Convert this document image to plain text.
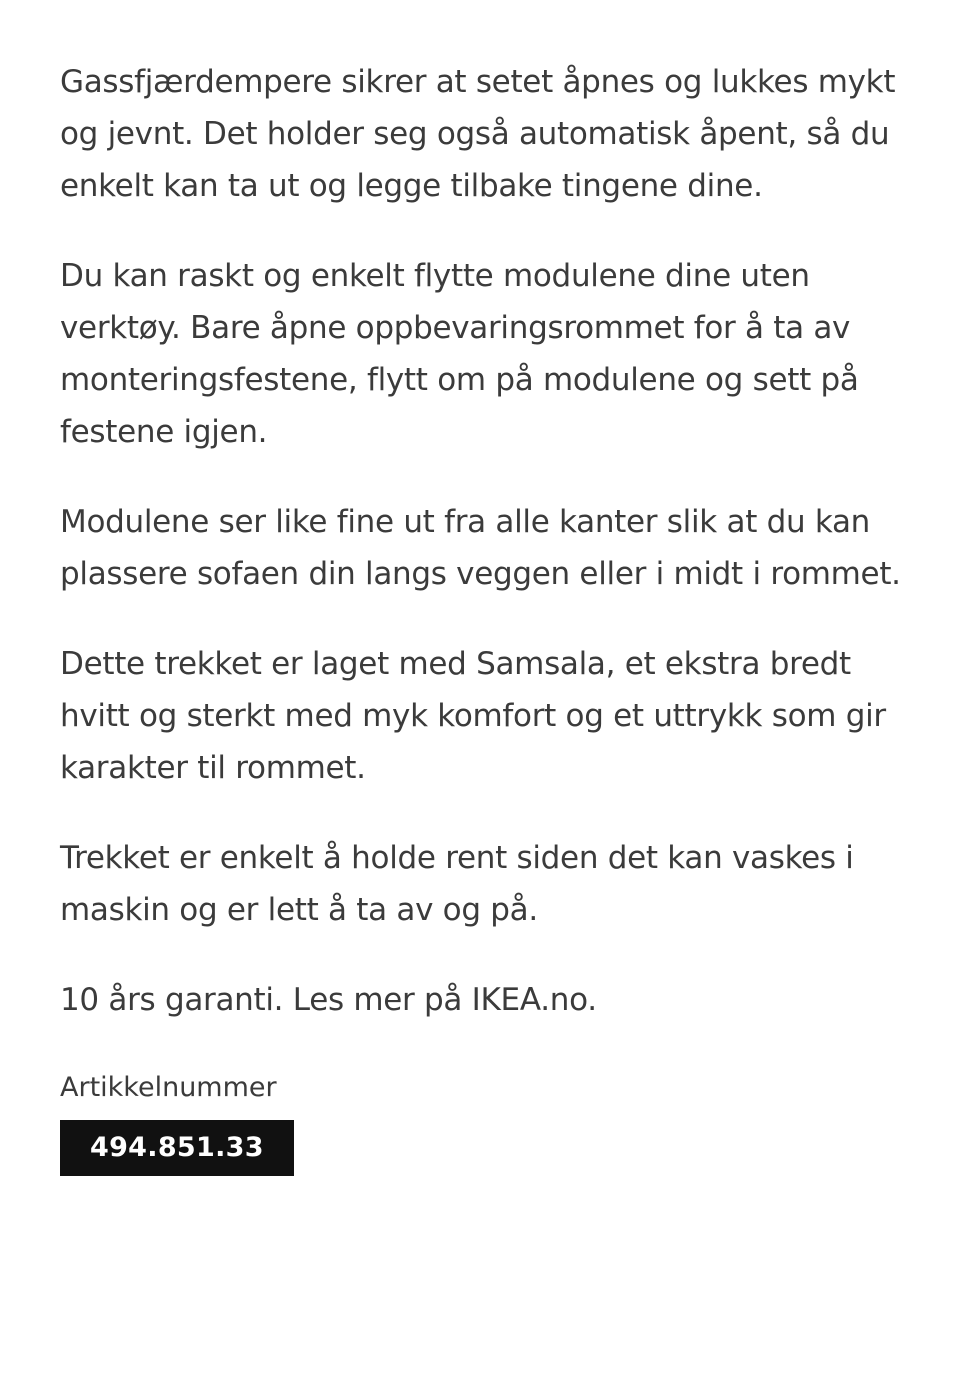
Gassfjærdempere sikrer at setet åpnes og lukkes mykt og jevnt. Det holder seg også automatisk åpent, så du enkelt kan ta ut og legge tilbake tingene dine.

Du kan raskt og enkelt flytte modulene dine uten verktøy. Bare åpne oppbevaringsrommet for å ta av monteringsfestene, flytt om på modulene og sett på festene igjen.

Modulene ser like fine ut fra alle kanter slik at du kan plassere sofaen din langs veggen eller i midt i rommet.

Dette trekket er laget med Samsala, et ekstra bredt hvitt og sterkt med myk komfort og et uttrykk som gir karakter til rommet.

Trekket er enkelt å holde rent siden det kan vaskes i maskin og er lett å ta av og på.

10 års garanti. Les mer på IKEA.no.

Artikkelnummer
494.851.33
